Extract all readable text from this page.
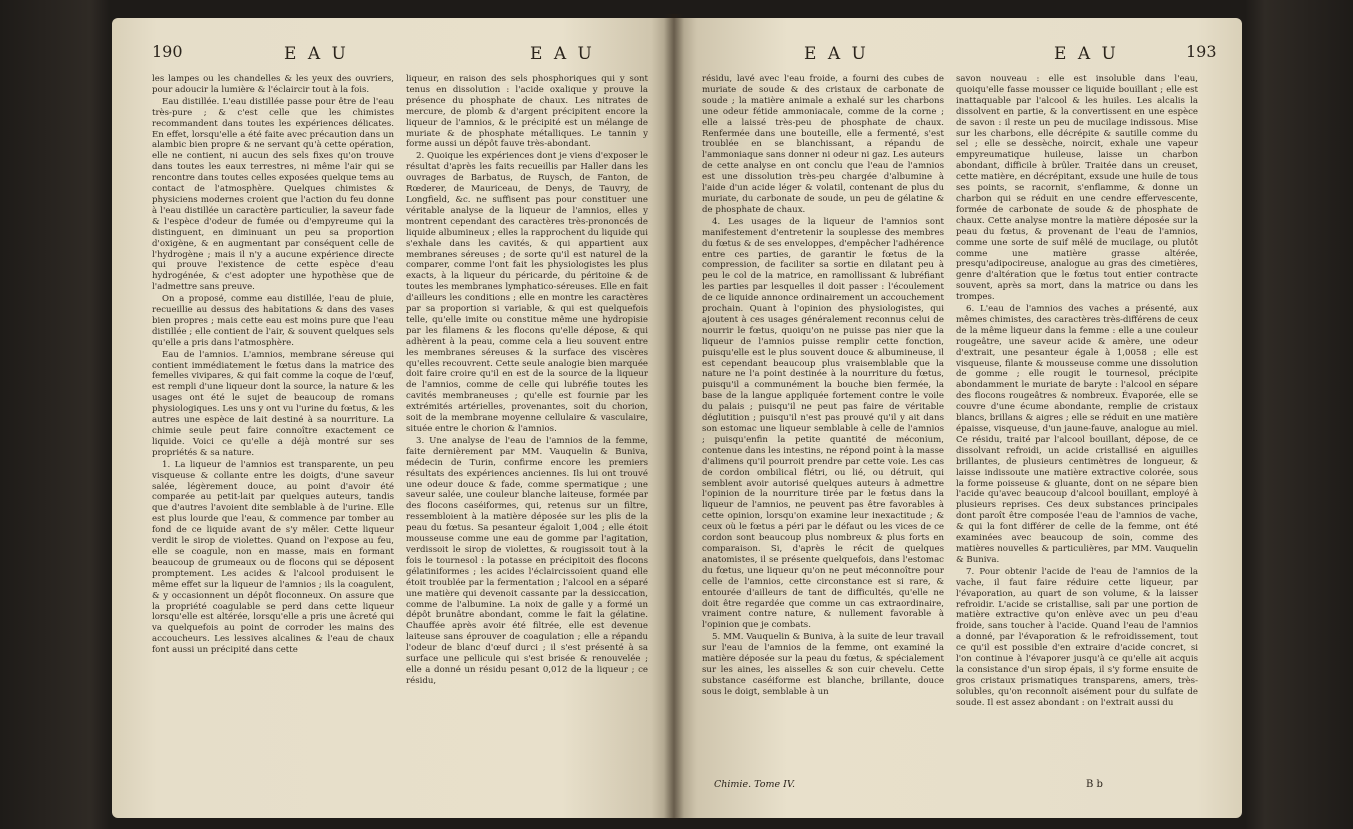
190	E A U	E A U

les lampes ou les chandelles & les yeux des ouvriers, pour adoucir la lumière & l'éclaircir tout à la fois.

Eau distillée. L'eau distillée passe pour être de l'eau très-pure ; & c'est celle que les chimistes recommandent dans toutes les expériences délicates. En effet, lorsqu'elle a été faite avec précaution dans un alambic bien propre & ne servant qu'à cette opération, elle ne contient, ni aucun des sels fixes qu'on trouve dans toutes les eaux terrestres, ni même l'air qui se rencontre dans toutes celles exposées quelque tems au contact de l'atmosphère. Quelques chimistes & physiciens modernes croient que l'action du feu donne à l'eau distillée un caractère particulier, la saveur fade & l'espèce d'odeur de fumée ou d'empyreume qui la distinguent, en diminuant un peu sa proportion d'oxigène, & en augmentant par conséquent celle de l'hydrogène ; mais il n'y a aucune expérience directe qui prouve l'existence de cette espèce d'eau hydrogénée, & c'est adopter une hypothèse que de l'admettre sans preuve.

On a proposé, comme eau distillée, l'eau de pluie, recueillie au dessus des habitations & dans des vases bien propres ; mais cette eau est moins pure que l'eau distillée ; elle contient de l'air, & souvent quelques sels qu'elle a pris dans l'atmosphère.

Eau de l'amnios. L'amnios, membrane séreuse qui contient immédiatement le fœtus dans la matrice des femelles vivipares, & qui fait comme la coque de l'œuf, est rempli d'une liqueur dont la source, la nature & les usages ont été le sujet de beaucoup de romans physiologiques. Les uns y ont vu l'urine du fœtus, & les autres une espèce de lait destiné à sa nourriture. La chimie seule peut faire connoître exactement ce liquide. Voici ce qu'elle a déjà montré sur ses propriétés & sa nature.

1. La liqueur de l'amnios est transparente, un peu visqueuse & collante entre les doigts, d'une saveur salée, légèrement douce, au point d'avoir été comparée au petit-lait par quelques auteurs, tandis que d'autres l'avoient dite semblable à de l'urine. Elle est plus lourde que l'eau, & commence par tomber au fond de ce liquide avant de s'y mêler. Cette liqueur verdit le sirop de violettes. Quand on l'expose au feu, elle se coagule, non en masse, mais en formant beaucoup de grumeaux ou de flocons qui se déposent promptement. Les acides & l'alcool produisent le même effet sur la liqueur de l'amnios ; ils la coagulent, & y occasionnent un dépôt floconneux. On assure que la propriété coagulable se perd dans cette liqueur lorsqu'elle est altérée, lorsqu'elle a pris une âcreté qui va quelquefois au point de corroder les mains des accoucheurs. Les lessives alcalines & l'eau de chaux font aussi un précipité dans cette

liqueur, en raison des sels phosphoriques qui y sont tenus en dissolution : l'acide oxalique y prouve la présence du phosphate de chaux. Les nitrates de mercure, de plomb & d'argent précipitent encore la liqueur de l'amnios, & le précipité est un mélange de muriate & de phosphate métalliques. Le tannin y forme aussi un dépôt fauve très-abondant.

2. Quoique les expériences dont je viens d'exposer le résultat d'après les faits recueillis par Haller dans les ouvrages de Barbatus, de Ruysch, de Fanton, de Rœderer, de Mauriceau, de Denys, de Tauvry, de Longfield, &c. ne suffisent pas pour constituer une véritable analyse de la liqueur de l'amnios, elles y montrent cependant des caractères très-prononcés de liquide albumineux ; elles la rapprochent du liquide qui s'exhale dans les cavités, & qui appartient aux membranes séreuses ; de sorte qu'il est naturel de la comparer, comme l'ont fait les physiologistes les plus exacts, à la liqueur du péricarde, du péritoine & de toutes les membranes lymphatico-séreuses. Elle en fait d'ailleurs les conditions ; elle en montre les caractères par sa proportion si variable, & qui est quelquefois telle, qu'elle imite ou constitue même une hydropisie par les filamens & les flocons qu'elle dépose, & qui adhèrent à la peau, comme cela a lieu souvent entre les membranes séreuses & la surface des viscères qu'elles recouvrent. Cette seule analogie bien marquée doit faire croire qu'il en est de la source de la liqueur de l'amnios, comme de celle qui lubréfie toutes les cavités membraneuses ; qu'elle est fournie par les extrémités artérielles, provenantes, soit du chorion, soit de la membrane moyenne cellulaire & vasculaire, située entre le chorion & l'amnios.

3. Une analyse de l'eau de l'amnios de la femme, faite dernièrement par MM. Vauquelin & Buniva, médecin de Turin, confirme encore les premiers résultats des expériences anciennes. Ils lui ont trouvé une odeur douce & fade, comme spermatique ; une saveur salée, une couleur blanche laiteuse, formée par des flocons caséiformes, qui, retenus sur un filtre, ressembloient à la matière déposée sur les plis de la peau du fœtus. Sa pesanteur égaloit 1,004 ; elle étoit mousseuse comme une eau de gomme par l'agitation, verdissoit le sirop de violettes, & rougissoit tout à la fois le tournesol : la potasse en précipitoit des flocons gélatiniformes ; les acides l'éclaircissoient quand elle étoit troublée par la fermentation ; l'alcool en a séparé une matière qui devenoit cassante par la dessiccation, comme de l'albumine. La noix de galle y a formé un dépôt brunâtre abondant, comme le fait la gélatine. Chauffée après avoir été filtrée, elle est devenue laiteuse sans éprouver de coagulation ; elle a répandu l'odeur de blanc d'œuf durci ; il s'est présenté à sa surface une pellicule qui s'est brisée & renouvelée ; elle a donné un résidu pesant 0,012 de la liqueur ; ce résidu,

E A U	E A U	193

résidu, lavé avec l'eau froide, a fourni des cubes de muriate de soude & des cristaux de carbonate de soude ; la matière animale a exhalé sur les charbons une odeur fétide ammoniacale, comme de la corne ; elle a laissé très-peu de phosphate de chaux. Renfermée dans une bouteille, elle a fermenté, s'est troublée en se blanchissant, a répandu de l'ammoniaque sans donner ni odeur ni gaz. Les auteurs de cette analyse en ont conclu que l'eau de l'amnios est une dissolution très-peu chargée d'albumine à l'aide d'un acide léger & volatil, contenant de plus du muriate, du carbonate de soude, un peu de gélatine & de phosphate de chaux.

4. Les usages de la liqueur de l'amnios sont manifestement d'entretenir la souplesse des membres du fœtus & de ses enveloppes, d'empêcher l'adhérence entre ces parties, de garantir le fœtus de la compression, de faciliter sa sortie en dilatant peu à peu le col de la matrice, en ramollissant & lubréfiant les parties par lesquelles il doit passer : l'écoulement de ce liquide annonce ordinairement un accouchement prochain. Quant à l'opinion des physiologistes, qui ajoutent à ces usages généralement reconnus celui de nourrir le fœtus, quoiqu'on ne puisse pas nier que la liqueur de l'amnios puisse remplir cette fonction, puisqu'elle est le plus souvent douce & albumineuse, il est cependant beaucoup plus vraisemblable que la nature ne l'a point destinée à la nourriture du fœtus, puisqu'il a communément la bouche bien fermée, la base de la langue appliquée fortement contre le voile du palais ; puisqu'il ne peut pas faire de véritable déglutition ; puisqu'il n'est pas prouvé qu'il y ait dans son estomac une liqueur semblable à celle de l'amnios ; puisqu'enfin la petite quantité de méconium, contenue dans les intestins, ne répond point à la masse d'alimens qu'il pourroit prendre par cette voie. Les cas de cordon ombilical flétri, ou lié, ou détruit, qui semblent avoir autorisé quelques auteurs à admettre l'opinion de la nourriture tirée par le fœtus dans la liqueur de l'amnios, ne peuvent pas être favorables à cette opinion, lorsqu'on examine leur inexactitude ; & ceux où le fœtus a péri par le défaut ou les vices de ce cordon sont beaucoup plus nombreux & plus forts en comparaison. Si, d'après le récit de quelques anatomistes, il se présente quelquefois, dans l'estomac du fœtus, une liqueur qu'on ne peut méconnoître pour celle de l'amnios, cette circonstance est si rare, & entourée d'ailleurs de tant de difficultés, qu'elle ne doit être regardée que comme un cas extraordinaire, vraiment contre nature, & nullement favorable à l'opinion que je combats.

5. MM. Vauquelin & Buniva, à la suite de leur travail sur l'eau de l'amnios de la femme, ont examiné la matière déposée sur la peau du fœtus, & spécialement sur les aines, les aisselles & son cuir chevelu. Cette substance caséiforme est blanche, brillante, douce sous le doigt, semblable à un

savon nouveau : elle est insoluble dans l'eau, quoiqu'elle fasse mousser ce liquide bouillant ; elle est inattaquable par l'alcool & les huiles. Les alcalis la dissolvent en partie, & la convertissent en une espèce de savon : il reste un peu de mucilage indissous. Mise sur les charbons, elle décrépite & sautille comme du sel ; elle se dessèche, noircit, exhale une vapeur empyreumatique huileuse, laisse un charbon abondant, difficile à brûler. Traitée dans un creuset, cette matière, en décrépitant, exsude une huile de tous ses points, se racornit, s'enflamme, & donne un charbon qui se réduit en une cendre effervescente, formée de carbonate de soude & de phosphate de chaux. Cette analyse montre la matière déposée sur la peau du fœtus, & provenant de l'eau de l'amnios, comme une sorte de suif mêlé de mucilage, ou plutôt comme une matière grasse altérée, presqu'adipocireuse, analogue au gras des cimetières, genre d'altération que le fœtus tout entier contracte souvent, après sa mort, dans la matrice ou dans les trompes.

6. L'eau de l'amnios des vaches a présenté, aux mêmes chimistes, des caractères très-différens de ceux de la même liqueur dans la femme : elle a une couleur rougeâtre, une saveur acide & amère, une odeur d'extrait, une pesanteur égale à 1,0058 ; elle est visqueuse, filante & mousseuse comme une dissolution de gomme ; elle rougit le tournesol, précipite abondamment le muriate de baryte : l'alcool en sépare des flocons rougeâtres & nombreux. Évaporée, elle se couvre d'une écume abondante, remplie de cristaux blancs, brillans & aigres ; elle se réduit en une matière épaisse, visqueuse, d'un jaune-fauve, analogue au miel. Ce résidu, traité par l'alcool bouillant, dépose, de ce dissolvant refroidi, un acide cristallisé en aiguilles brillantes, de plusieurs centimètres de longueur, & laisse indissoute une matière extractive colorée, sous la forme poisseuse & gluante, dont on ne sépare bien l'acide qu'avec beaucoup d'alcool bouillant, employé à plusieurs reprises. Ces deux substances principales dont paroît être composée l'eau de l'amnios de vache, & qui la font différer de celle de la femme, ont été examinées avec beaucoup de soin, comme des matières nouvelles & particulières, par MM. Vauquelin & Buniva.

7. Pour obtenir l'acide de l'eau de l'amnios de la vache, il faut faire réduire cette liqueur, par l'évaporation, au quart de son volume, & la laisser refroidir. L'acide se cristallise, sali par une portion de matière extractive qu'on enlève avec un peu d'eau froide, sans toucher à l'acide. Quand l'eau de l'amnios a donné, par l'évaporation & le refroidissement, tout ce qu'il est possible d'en extraire d'acide concret, si l'on continue à l'évaporer jusqu'à ce qu'elle ait acquis la consistance d'un sirop épais, il s'y forme ensuite de gros cristaux prismatiques transparens, amers, très-solubles, qu'on reconnoît aisément pour du sulfate de soude. Il est assez abondant : on l'extrait aussi du

Chimie. Tome IV.	B b
